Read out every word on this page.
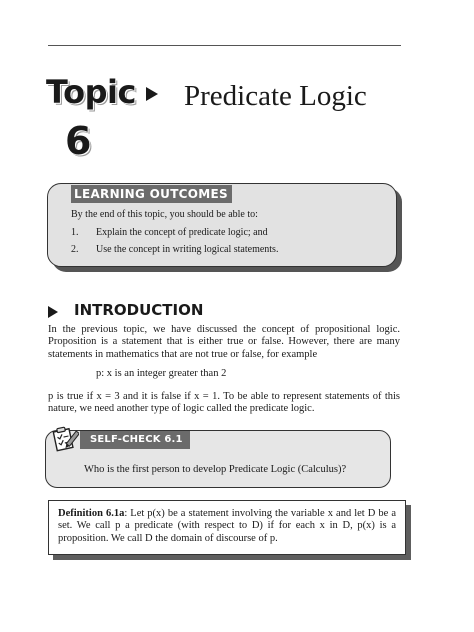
Topic
6
Predicate Logic
LEARNING OUTCOMES
By the end of this topic, you should be able to:
1. Explain the concept of predicate logic; and
2. Use the concept in writing logical statements.
INTRODUCTION

In the previous topic, we have discussed the concept of propositional logic. Proposition is a statement that is either true or false. However, there are many statements in mathematics that are not true or false, for example

p: x is an integer greater than 2

p is true if x = 3 and it is false if x = 1. To be able to represent statements of this nature, we need another type of logic called the predicate logic.

SELF-CHECK 6.1
Who is the first person to develop Predicate Logic (Calculus)?
Definition 6.1a: Let p(x) be a statement involving the variable x and let D be a set. We call p a predicate (with respect to D) if for each x in D, p(x) is a proposition. We call D the domain of discourse of p.
